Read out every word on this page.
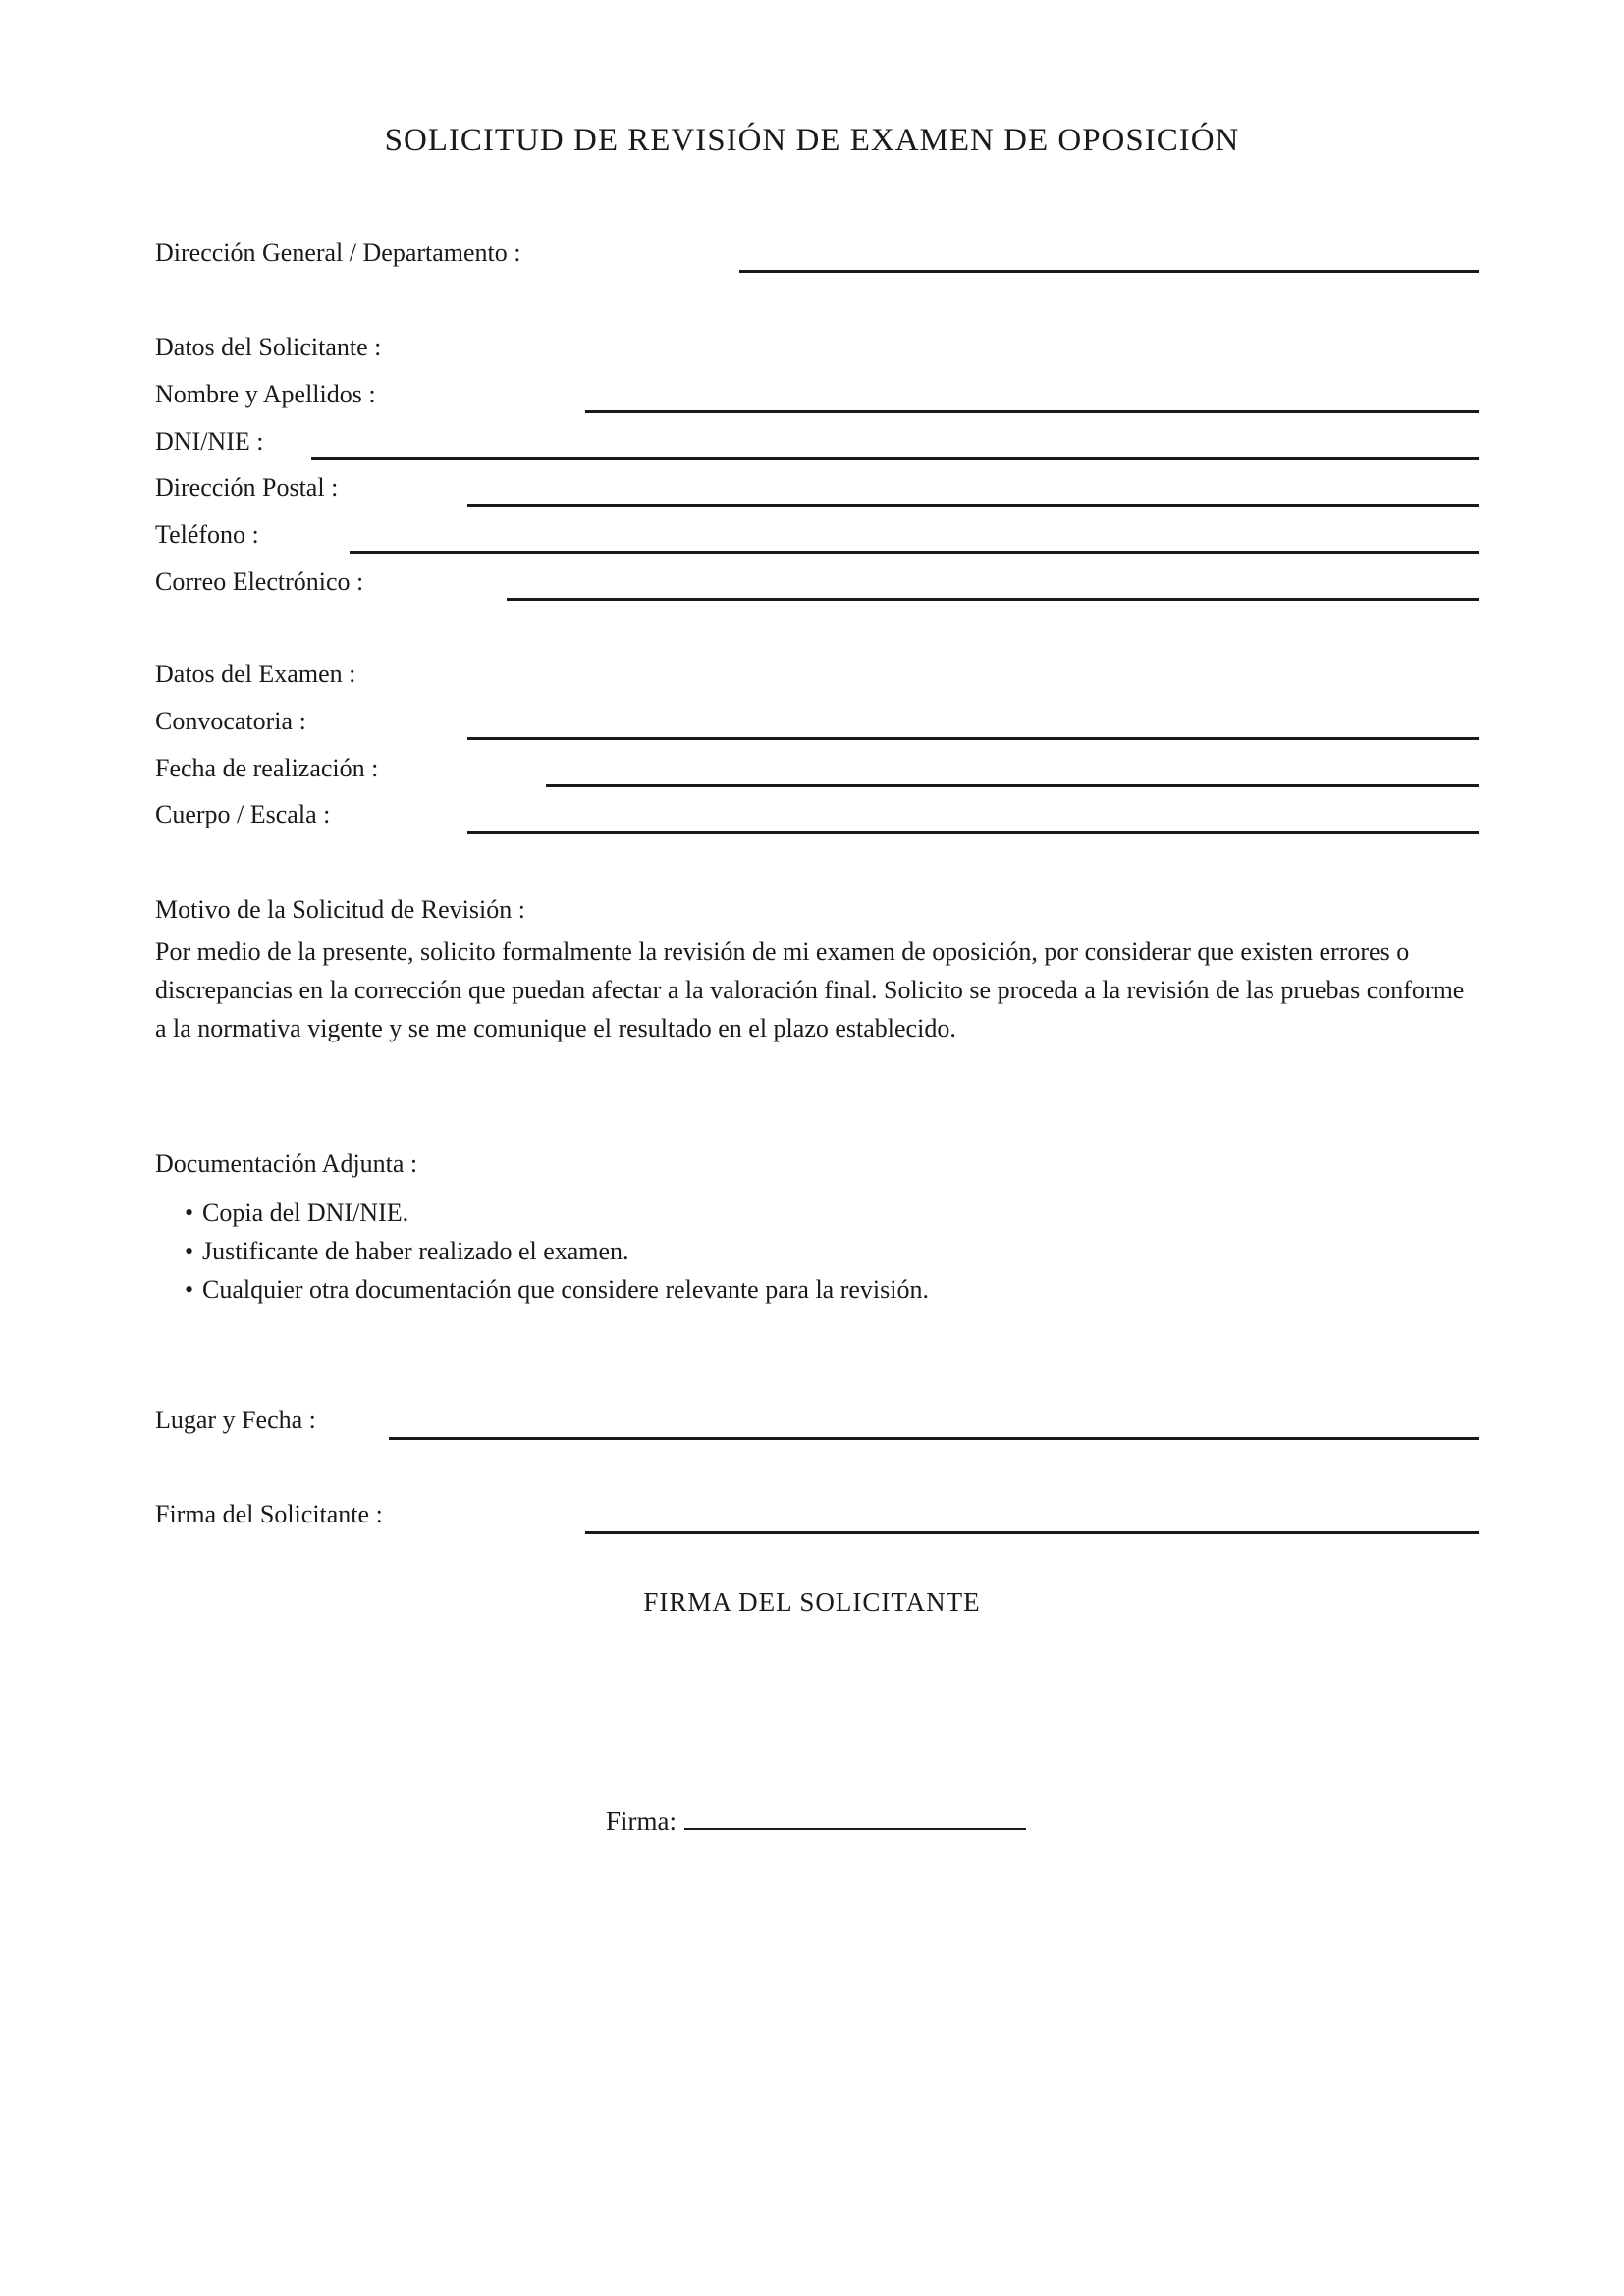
SOLICITUD DE REVISIÓN DE EXAMEN DE OPOSICIÓN
Dirección General / Departamento :
Datos del Solicitante :
Nombre y Apellidos :
DNI/NIE :
Dirección Postal :
Teléfono :
Correo Electrónico :
Datos del Examen :
Convocatoria :
Fecha de realización :
Cuerpo / Escala :
Motivo de la Solicitud de Revisión :
Por medio de la presente, solicito formalmente la revisión de mi examen de oposición, por considerar que existen errores o discrepancias en la corrección que puedan afectar a la valoración final. Solicito se proceda a la revisión de las pruebas conforme a la normativa vigente y se me comunique el resultado en el plazo establecido.
Documentación Adjunta :
• Copia del DNI/NIE.
• Justificante de haber realizado el examen.
• Cualquier otra documentación que considere relevante para la revisión.
Lugar y Fecha :
Firma del Solicitante :
FIRMA DEL SOLICITANTE
Firma:
